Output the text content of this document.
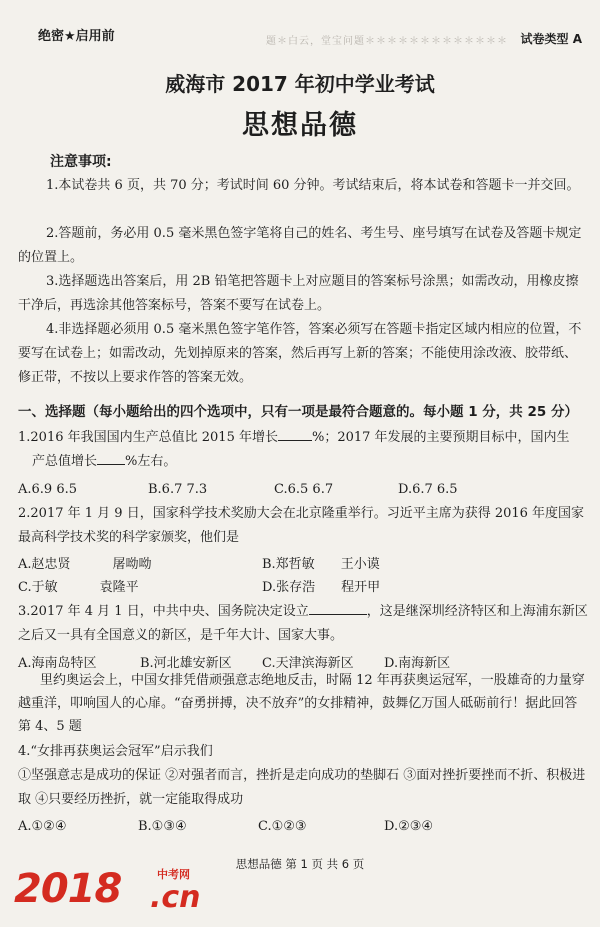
绝密★启用前	题＊白云，堂宝问题＊＊＊＊＊＊＊＊＊＊＊＊＊ 试卷类型 A
威海市 2017 年初中学业考试
思想品德
注意事项:

1.本试卷共 6 页，共 70 分；考试时间 60 分钟。考试结束后，将本试卷和答题卡一并交回。

2.答题前，务必用 0.5 毫米黑色签字笔将自己的姓名、考生号、座号填写在试卷及答题卡规定的位置上。

3.选择题选出答案后，用 2B 铅笔把答题卡上对应题目的答案标号涂黑；如需改动，用橡皮擦干净后，再选涂其他答案标号，答案不要写在试卷上。

4.非选择题必须用 0.5 毫米黑色签字笔作答，答案必须写在答题卡指定区域内相应的位置，不要写在试卷上；如需改动，先划掉原来的答案，然后再写上新的答案；不能使用涂改液、胶带纸、修正带，不按以上要求作答的答案无效。

一、选择题（每小题给出的四个选项中，只有一项是最符合题意的。每小题 1 分，共 25 分）

1.2016 年我国国内生产总值比 2015 年增长	%；2017 年发展的主要预期目标中，国内生
产总值增长 %左右。

A.6.9 6.5	B.6.7 7.3	C.6.5 6.7	D.6.7 6.5

2.2017 年 1 月 9 日，国家科学技术奖励大会在北京隆重举行。习近平主席为获得 2016 年度国家最高科学技术奖的科学家颁奖，他们是

A.赵忠贤	屠呦呦	B.郑哲敏 王小谟
C.于敏	袁隆平	D.张存浩 程开甲

3.2017 年 4 月 1 日，中共中央、国务院决定设立	，这是继深圳经济特区和上海浦东新区之后又一具有全国意义的新区，是千年大计、国家大事。

A.海南岛特区	B.河北雄安新区 C.天津滨海新区 D.南海新区

里约奥运会上，中国女排凭借顽强意志绝地反击，时隔 12 年再获奥运冠军，一股雄奇的力量穿越重洋，叩响国人的心扉。“奋勇拼搏，决不放弃”的女排精神，鼓舞亿万国人砥砺前行！据此回答第 4、5 题

4.“女排再获奥运会冠军”启示我们

①坚强意志是成功的保证 ②对强者而言，挫折是走向成功的垫脚石 ③面对挫折要挫而不折、积极进取 ④只要经历挫折，就一定能取得成功

A.①②④	B.①③④	C.①②③	D.②③④
思想品德 第 1 页 共 6 页
2018	中考网
.cn
